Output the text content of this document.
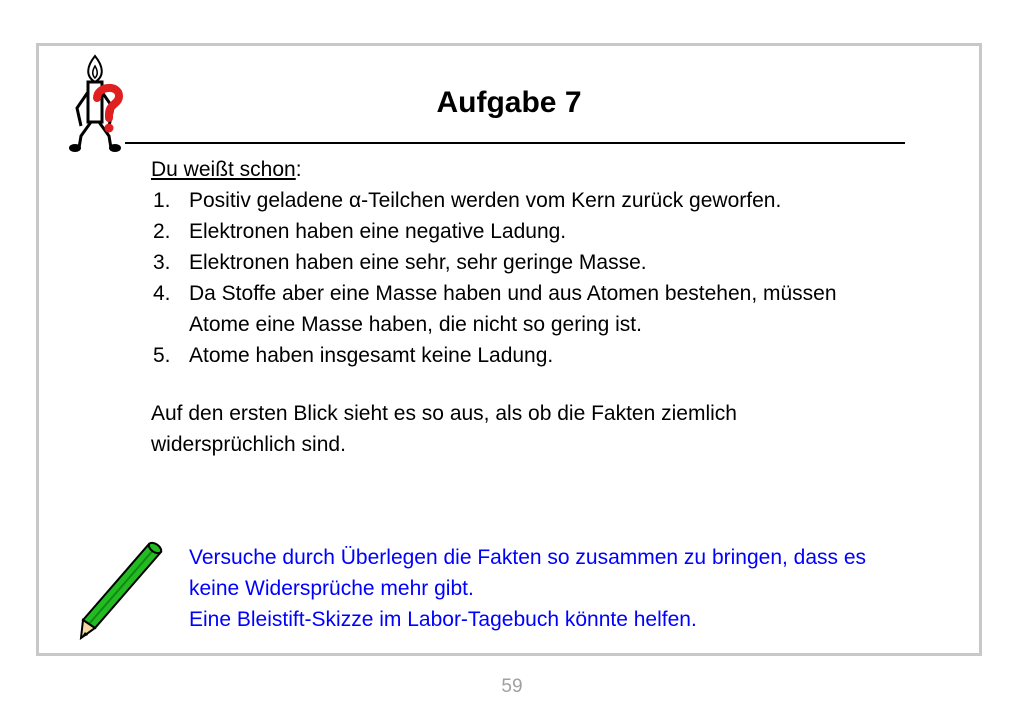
Aufgabe 7

Du weißt schon:

1. Positiv geladene α-Teilchen werden vom Kern zurück geworfen.
2. Elektronen haben eine negative Ladung.
3. Elektronen haben eine sehr, sehr geringe Masse.
4. Da Stoffe aber eine Masse haben und aus Atomen bestehen, müssen Atome eine Masse haben, die nicht so gering ist.
5. Atome haben insgesamt keine Ladung.

Auf den ersten Blick sieht es so aus, als ob die Fakten ziemlich widersprüchlich sind.

Versuche durch Überlegen die Fakten so zusammen zu bringen, dass es keine Widersprüche mehr gibt.

Eine Bleistift-Skizze im Labor-Tagebuch könnte helfen.

59
